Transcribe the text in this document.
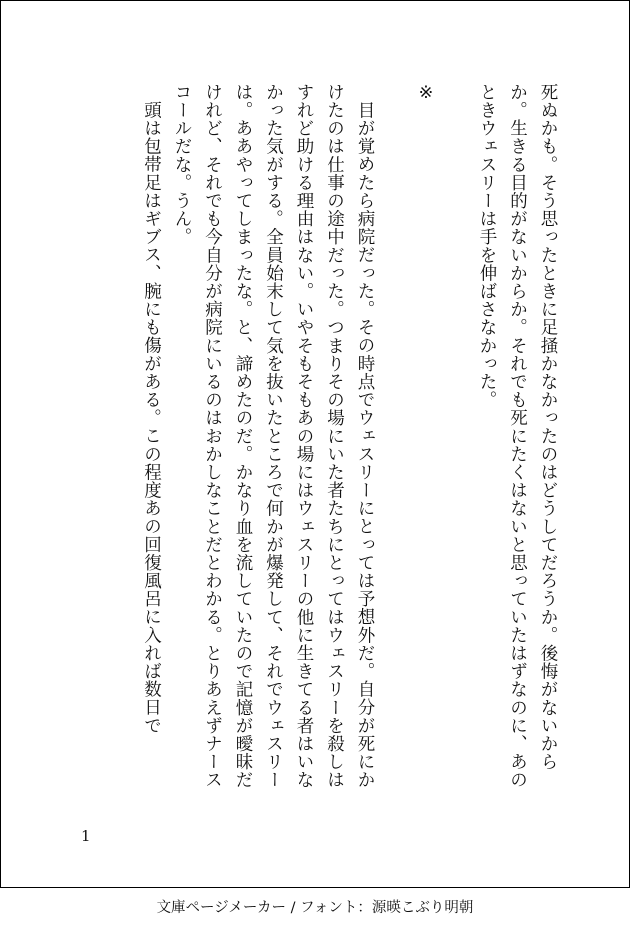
死ぬかも。そう思ったときに足掻かなかったのはどうしてだろうか。後悔がないからか。生きる目的がないからか。それでも死にたくはないと思っていたはずなのに、あのときウェスリーは手を伸ばさなかった。

※

目が覚めたら病院だった。その時点でウェスリーにとっては予想外だ。自分が死にかけたのは仕事の途中だった。つまりその場にいた者たちにとってはウェスリーを殺しはすれど助ける理由はない。いやそもそもあの場にはウェスリーの他に生きてる者はいなかった気がする。全員始末して気を抜いたところで何かが爆発して、それでウェスリーは。ああやってしまったな。と、諦めたのだ。かなり血を流していたので記憶が曖昧だけれど、それでも今自分が病院にいるのはおかしなことだとわかる。とりあえずナースコールだな。うん。

頭は包帯足はギブス、腕にも傷がある。この程度あの回復風呂に入れば数日で

1
文庫ページメーカー / フォント：源暎こぶり明朝
